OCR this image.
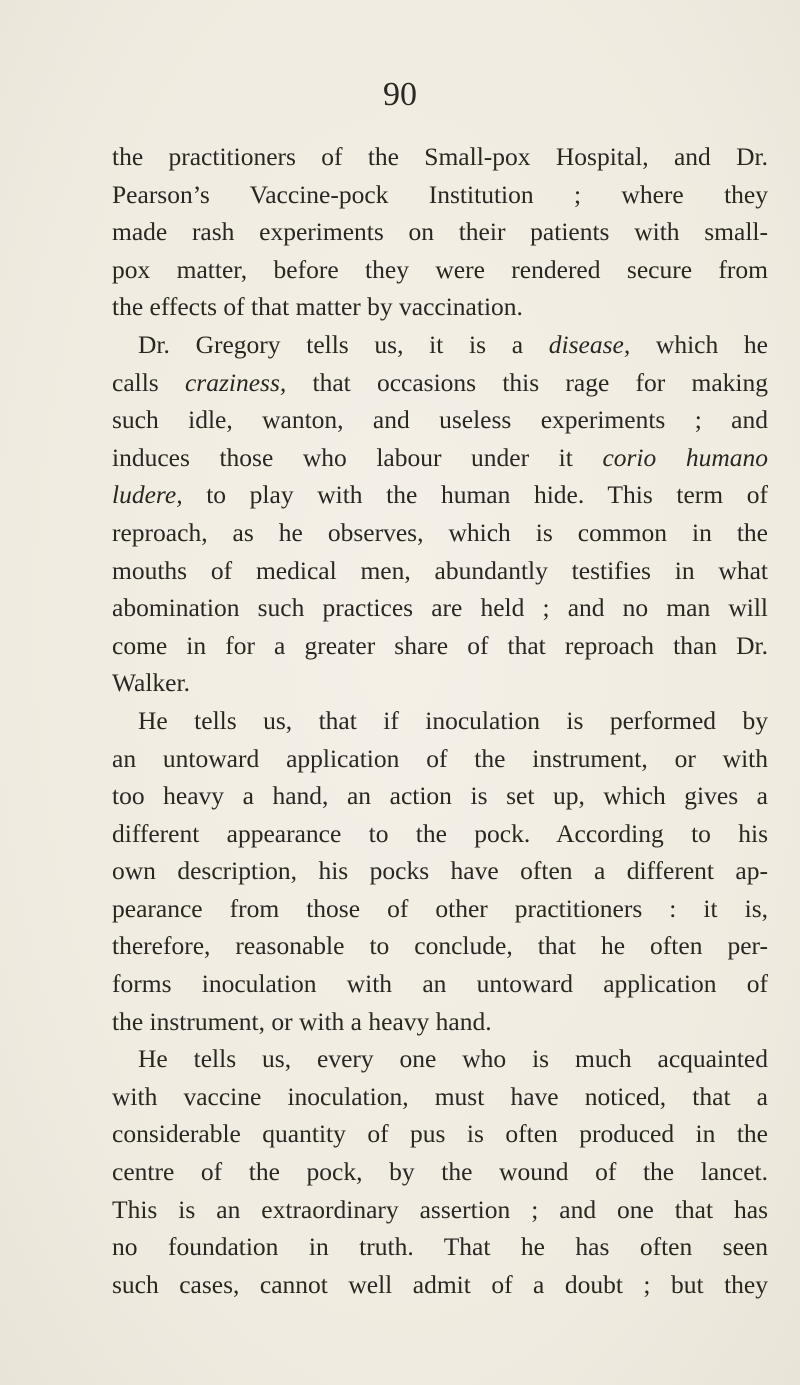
90
the practitioners of the Small-pox Hospital, and Dr.
Pearson’s Vaccine-pock Institution ; where they
made rash experiments on their patients with small-
pox matter, before they were rendered secure from
the effects of that matter by vaccination.
Dr. Gregory tells us, it is a disease, which he
calls craziness, that occasions this rage for making
such idle, wanton, and useless experiments ; and
induces those who labour under it corio humano
ludere, to play with the human hide. This term of
reproach, as he observes, which is common in the
mouths of medical men, abundantly testifies in what
abomination such practices are held ; and no man will
come in for a greater share of that reproach than Dr.
Walker.
He tells us, that if inoculation is performed by
an untoward application of the instrument, or with
too heavy a hand, an action is set up, which gives a
different appearance to the pock. According to his
own description, his pocks have often a different ap-
pearance from those of other practitioners : it is,
therefore, reasonable to conclude, that he often per-
forms inoculation with an untoward application of
the instrument, or with a heavy hand.
He tells us, every one who is much acquainted
with vaccine inoculation, must have noticed, that a
considerable quantity of pus is often produced in the
centre of the pock, by the wound of the lancet.
This is an extraordinary assertion ; and one that has
no foundation in truth. That he has often seen
such cases, cannot well admit of a doubt ; but they
